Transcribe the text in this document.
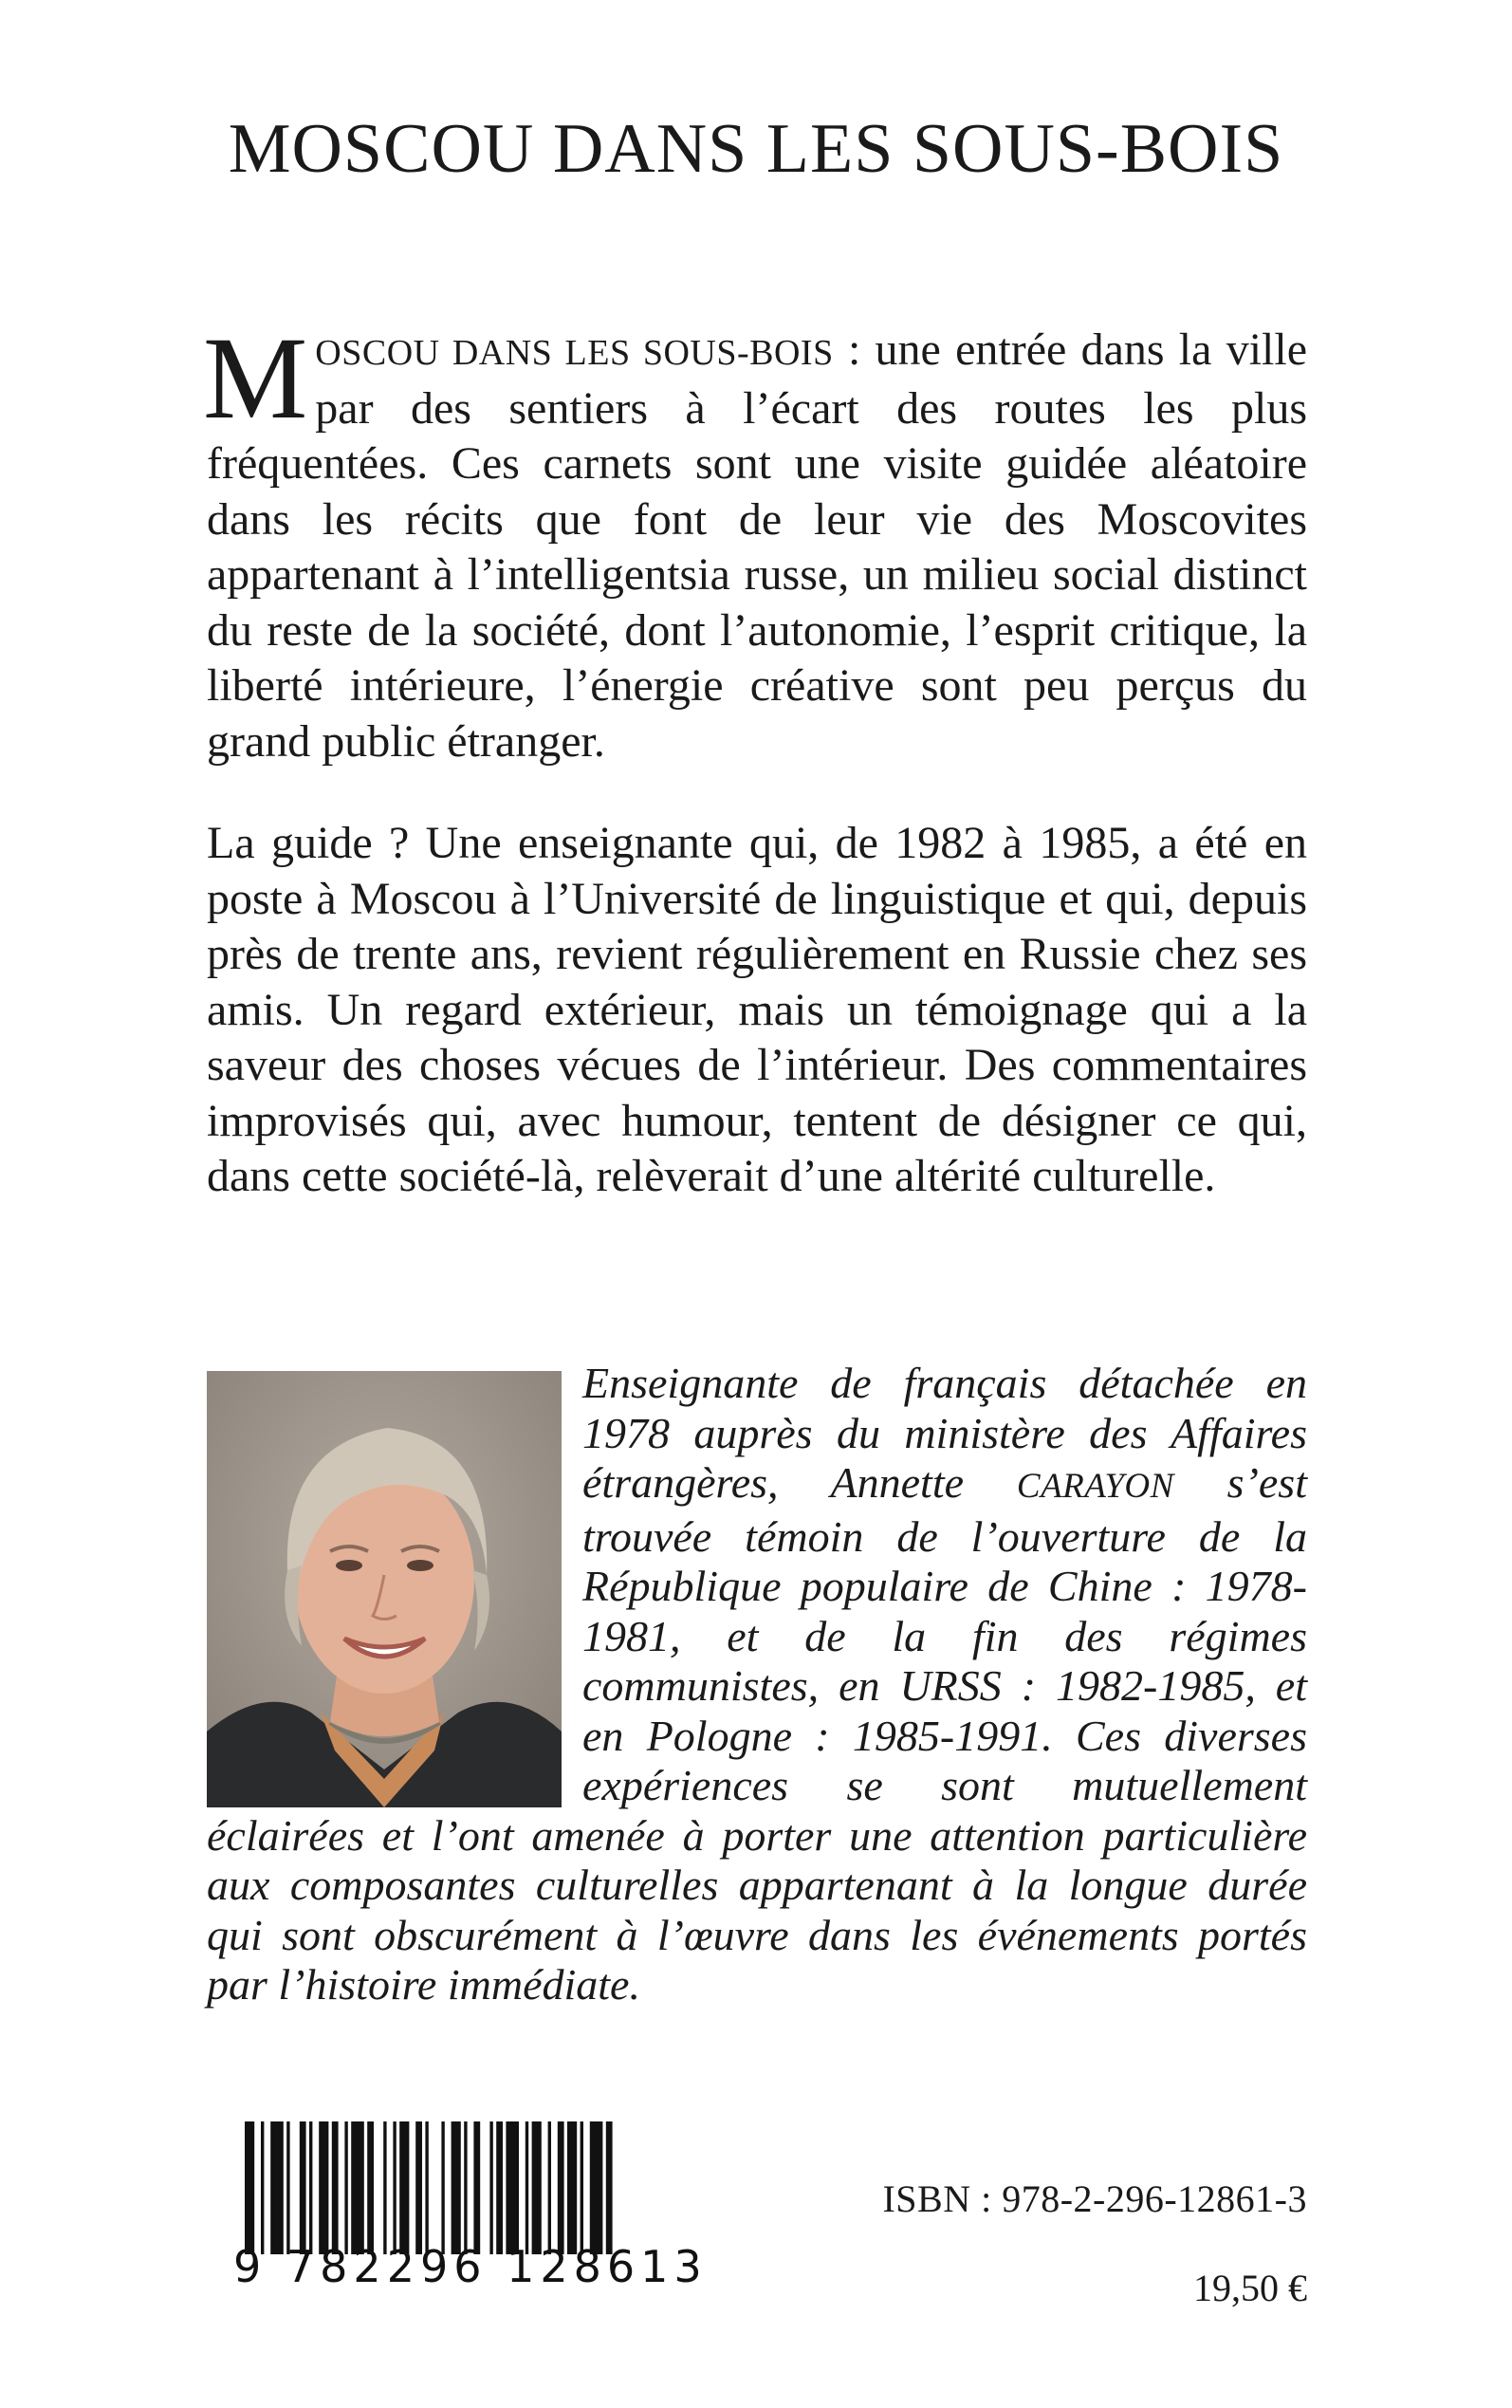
MOSCOU DANS LES SOUS-BOIS

MOSCOU DANS LES SOUS-BOIS : une entrée dans la ville par des sentiers à l’écart des routes les plus fréquentées. Ces carnets sont une visite guidée aléatoire dans les récits que font de leur vie des Moscovites appartenant à l’intelligentsia russe, un milieu social distinct du reste de la société, dont l’autonomie, l’esprit critique, la liberté intérieure, l’énergie créative sont peu perçus du grand public étranger.

La guide ? Une enseignante qui, de 1982 à 1985, a été en poste à Moscou à l’Université de linguistique et qui, depuis près de trente ans, revient régulièrement en Russie chez ses amis. Un regard extérieur, mais un témoignage qui a la saveur des choses vécues de l’intérieur. Des commentaires improvisés qui, avec humour, tentent de désigner ce qui, dans cette société-là, relèverait d’une altérité culturelle.

Enseignante de français détachée en 1978 auprès du ministère des Affaires étrangères, Annette CARAYON s’est trouvée témoin de l’ouverture de la République populaire de Chine : 1978-1981, et de la fin des régimes communistes, en URSS : 1982-1985, et en Pologne : 1985-1991. Ces diverses expériences se sont mutuellement éclairées et l’ont amenée à porter une attention particulière aux composantes culturelles appartenant à la longue durée qui sont obscurément à l’œuvre dans les événements portés par l’histoire immédiate.

9 782296 128613
ISBN : 978-2-296-12861-3
19,50 €
